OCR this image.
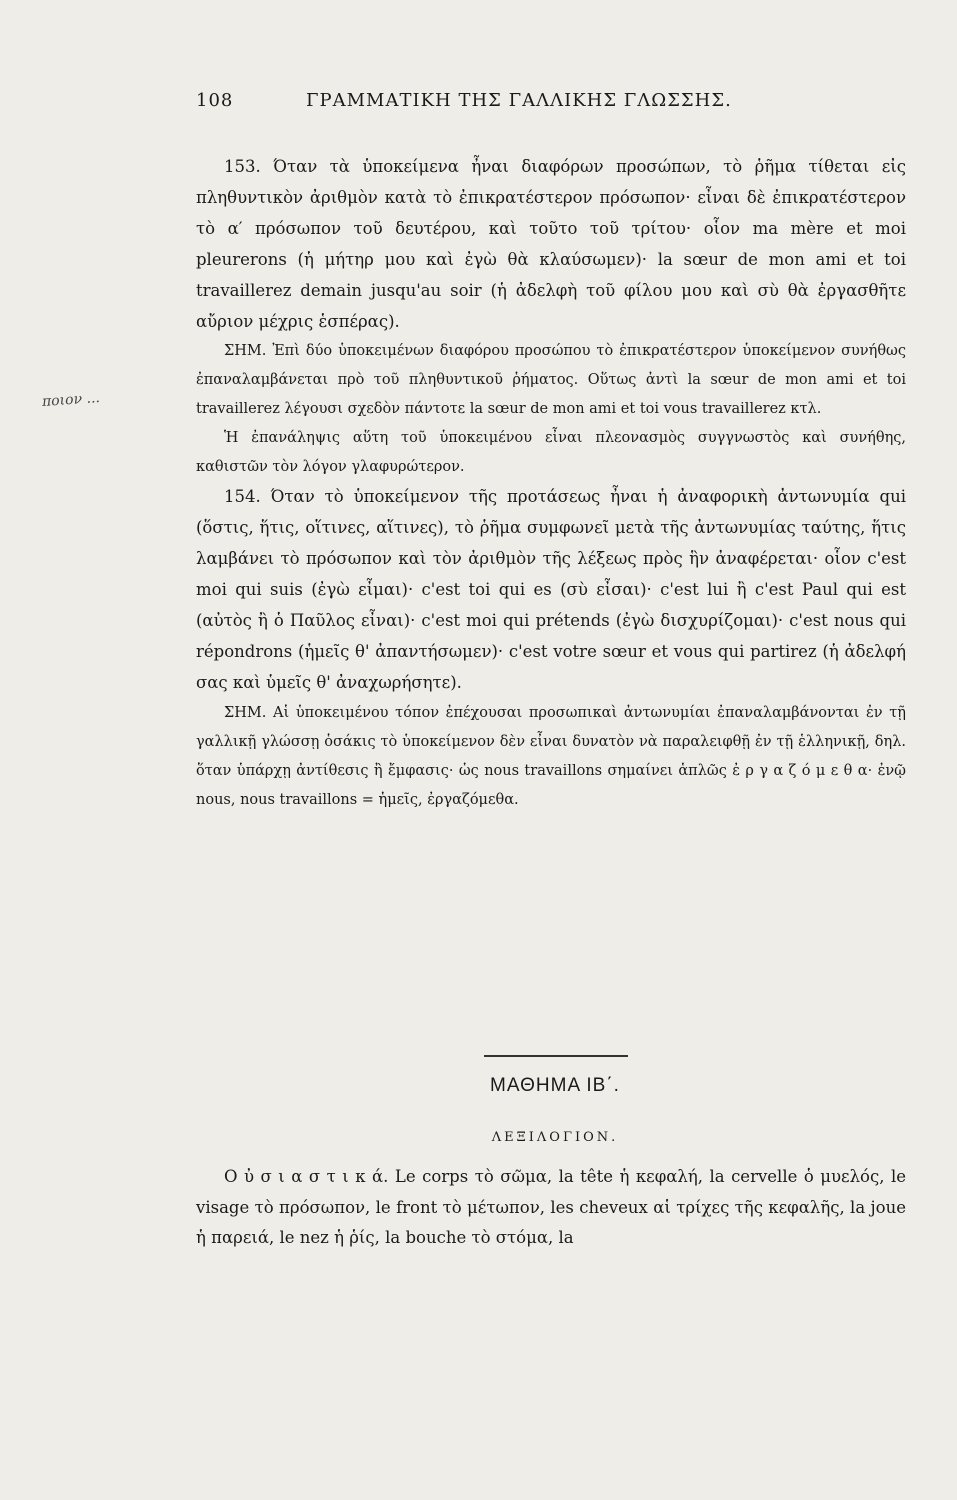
108	ΓΡΑΜΜΑΤΙΚΗ ΤΗΣ ΓΑΛΛΙΚΗΣ ΓΛΩΣΣΗΣ.
ποιον ...

153. Όταν τὰ ὑποκείμενα ἦναι διαφόρων προσώπων, τὸ ῥῆμα τίθεται εἰς πληθυντικὸν ἀριθμὸν κατὰ τὸ ἐπικρατέστερον πρόσωπον· εἶναι δὲ ἐπικρατέστερον τὸ α′ πρόσωπον τοῦ δευτέρου, καὶ τοῦτο τοῦ τρίτου· οἷον ma mère et moi pleurerons (ἡ μήτηρ μου καὶ ἐγὼ θὰ κλαύσωμεν)· la sœur de mon ami et toi travaillerez demain jusqu'au soir (ἡ ἀδελφὴ τοῦ φίλου μου καὶ σὺ θὰ ἐργασθῆτε αὔριον μέχρις ἑσπέρας).

ΣΗΜ. Ἐπὶ δύο ὑποκειμένων διαφόρου προσώπου τὸ ἐπικρατέστερον ὑποκείμενον συνήθως ἐπαναλαμβάνεται πρὸ τοῦ πληθυντικοῦ ῥήματος. Οὕτως ἀντὶ la sœur de mon ami et toi travaillerez λέγουσι σχεδὸν πάντοτε la sœur de mon ami et toi vous travaillerez κτλ.

Ἡ ἐπανάληψις αὕτη τοῦ ὑποκειμένου εἶναι πλεονασμὸς συγγνωστὸς καὶ συνήθης, καθιστῶν τὸν λόγον γλαφυρώτερον.

154. Όταν τὸ ὑποκείμενον τῆς προτάσεως ἦναι ἡ ἀναφορικὴ ἀντωνυμία qui (ὅστις, ἥτις, οἵτινες, αἵτινες), τὸ ῥῆμα συμφωνεῖ μετὰ τῆς ἀντωνυμίας ταύτης, ἥτις λαμβάνει τὸ πρόσωπον καὶ τὸν ἀριθμὸν τῆς λέξεως πρὸς ἣν ἀναφέρεται· οἷον c'est moi qui suis (ἐγὼ εἶμαι)· c'est toi qui es (σὺ εἶσαι)· c'est lui ἢ c'est Paul qui est (αὐτὸς ἢ ὁ Παῦλος εἶναι)· c'est moi qui prétends (ἐγὼ δισχυρίζομαι)· c'est nous qui répondrons (ἡμεῖς θ' ἀπαντήσωμεν)· c'est votre sœur et vous qui partirez (ἡ ἀδελφή σας καὶ ὑμεῖς θ' ἀναχωρήσητε).

ΣΗΜ. Αἱ ὑποκειμένου τόπον ἐπέχουσαι προσωπικαὶ ἀντωνυμίαι ἐπαναλαμβάνονται ἐν τῇ γαλλικῇ γλώσσῃ ὁσάκις τὸ ὑποκείμενον δὲν εἶναι δυνατὸν νὰ παραλειφθῇ ἐν τῇ ἑλληνικῇ, δηλ. ὅταν ὑπάρχῃ ἀντίθεσις ἢ ἔμφασις· ὡς nous travaillons σημαίνει ἁπλῶς ἐ ρ γ α ζ ό μ ε θ α· ἐνῷ nous, nous travaillons = ἡμεῖς, ἐργαζόμεθα.

ΜΑΘΗΜΑ ΙΒ΄.
ΛΕΞΙΛΟΓΙΟΝ.

Ο ὐ σ ι α σ τ ι κ ά. Le corps τὸ σῶμα, la tête ἡ κεφαλή, la cervelle ὁ μυελός, le visage τὸ πρόσωπον, le front τὸ μέτωπον, les cheveux αἱ τρίχες τῆς κεφαλῆς, la joue ἡ παρειά, le nez ἡ ῥίς, la bouche τὸ στόμα, la
